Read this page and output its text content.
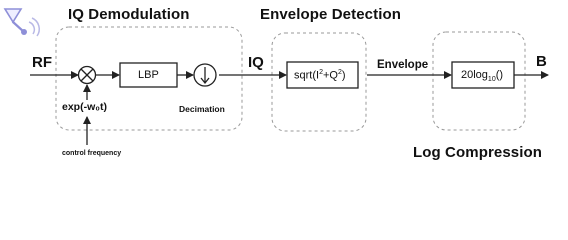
IQ Demodulation	Envelope Detection
Log Compression
RF	IQ	Envelope	B
LBP	$sqrt(I^2+Q^2)$	$20\log_{10}()$
exp(-w₀t)	Decimation
control frequency
